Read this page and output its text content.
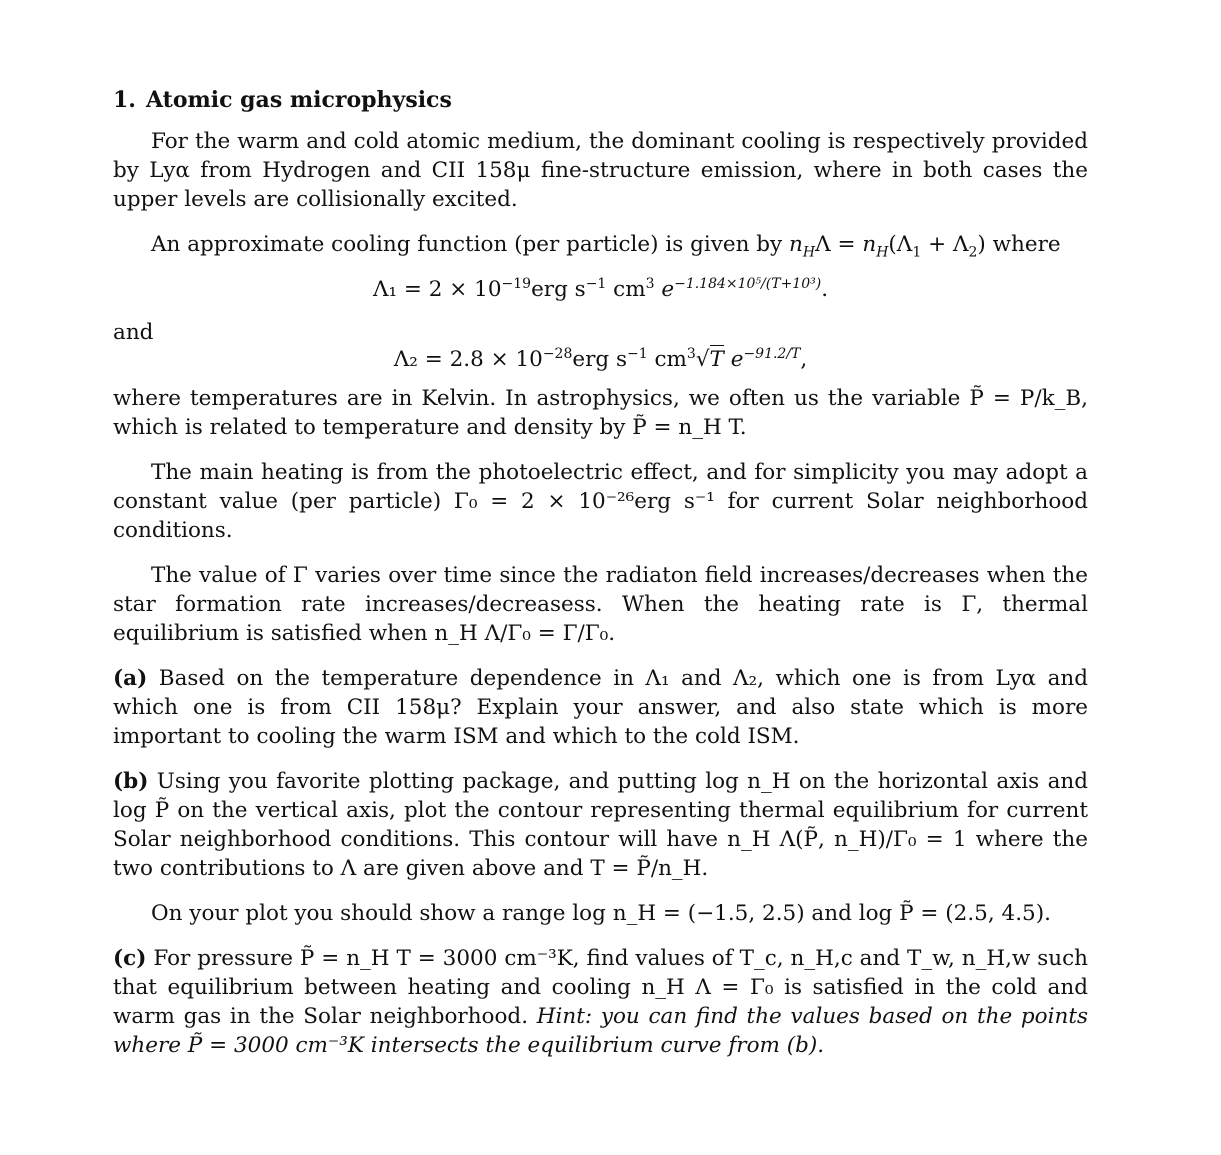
1. Atomic gas microphysics

For the warm and cold atomic medium, the dominant cooling is respectively provided by Lyα from Hydrogen and CII 158μ fine-structure emission, where in both cases the upper levels are collisionally excited.

An approximate cooling function (per particle) is given by $n_H\Lambda = n_H(\Lambda_1 + \Lambda_2)$ where

$\Lambda_1 = 2 \times 10^{-19}erg$ $s^{-1}$ $cm^3$ $e^{-1.184\times 10^5/(T+10^3)}$.
and
$\Lambda_2 = 2.8 \times 10^{-28}erg$ $s^{-1}$ $cm^3√T$ $e^{-91.2/T}$,

where temperatures are in Kelvin. In astrophysics, we often us the variable P̃ = P/k_B, which is related to temperature and density by P̃ = n_H T.

The main heating is from the photoelectric effect, and for simplicity you may adopt a constant value (per particle) Γ₀ = 2 × 10⁻²⁶erg s⁻¹ for current Solar neighborhood conditions.

The value of Γ varies over time since the radiaton field increases/decreases when the star formation rate increases/decreasess. When the heating rate is Γ, thermal equilibrium is satisfied when n_H Λ/Γ₀ = Γ/Γ₀.

(a) Based on the temperature dependence in Λ₁ and Λ₂, which one is from Lyα and which one is from CII 158μ? Explain your answer, and also state which is more important to cooling the warm ISM and which to the cold ISM.

(b) Using you favorite plotting package, and putting log n_H on the horizontal axis and log P̃ on the vertical axis, plot the contour representing thermal equilibrium for current Solar neighborhood conditions. This contour will have n_H Λ(P̃, n_H)/Γ₀ = 1 where the two contributions to Λ are given above and T = P̃/n_H.

On your plot you should show a range log n_H = (−1.5, 2.5) and log P̃ = (2.5, 4.5).

(c) For pressure P̃ = n_H T = 3000 cm⁻³K, find values of T_c, n_H,c and T_w, n_H,w such that equilibrium between heating and cooling n_H Λ = Γ₀ is satisfied in the cold and warm gas in the Solar neighborhood. Hint: you can find the values based on the points where P̃ = 3000 cm⁻³K intersects the equilibrium curve from (b).
